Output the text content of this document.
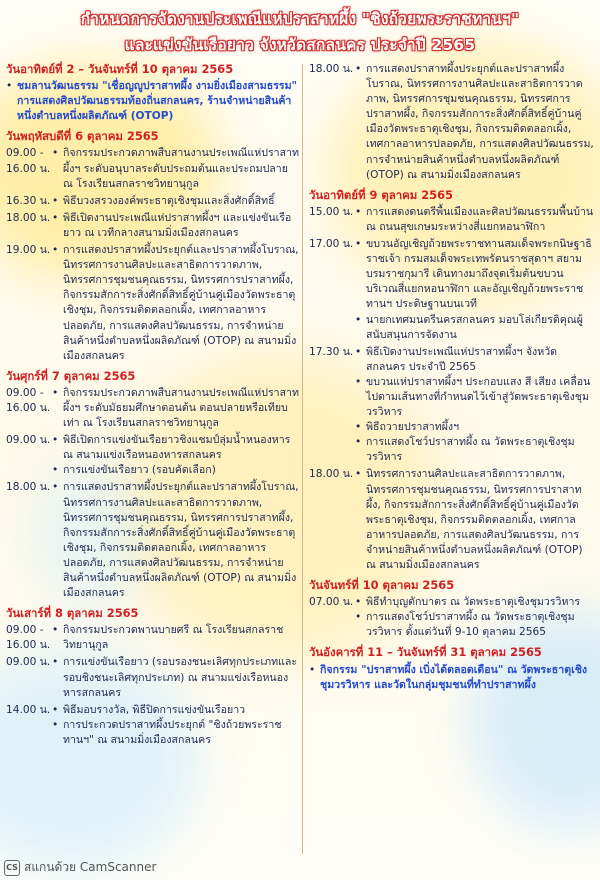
กำหนดการจัดงานประเพณีแห่ปราสาทผึ้ง "ชิงถ้วยพระราชทานฯ"
และแข่งขันเรือยาว จังหวัดสกลนคร ประจำปี 2565
วันอาทิตย์ที่ 2 – วันจันทร์ที่ 10 ตุลาคม 2565
• ชมลานวัฒนธรรม "เชื่อญญูปราสาทผึ้ง งามยิ่งเมืองสามธรรม" การแสดงศิลปวัฒนธรรมท้องถิ่นสกลนคร, ร้านจำหน่ายสินค้าหนึ่งตำบลหนึ่งผลิตภัณฑ์ (OTOP)
วันพฤหัสบดีที่ 6 ตุลาคม 2565
09.00 -
16.00 น.
• กิจกรรมประกวดภาพสืบสานงานประเพณีแห่ปราสาทผึ้งฯ ระดับอนุบาลระดับประถมต้นและประถมปลาย ณ โรงเรียนสกลราชวิทยานุกูล
16.30 น. • พิธีบวงสรวงองค์พระธาตุเชิงชุมและสิ่งศักดิ์สิทธิ์
18.00 น. • พิธีเปิดงานประเพณีแห่ปราสาทผึ้งฯ และแข่งขันเรือยาว ณ เวทีกลางสนามมิ่งเมืองสกลนคร
19.00 น. • การแสดงปราสาทผึ้งประยุกต์และปราสาทผึ้งโบราณ, นิทรรศการงานศิลปะและสาธิตการวาดภาพ, นิทรรศการชุมชนคุณธรรม, นิทรรศการปราสาทผึ้ง, กิจกรรมสักการะสิ่งศักดิ์สิทธิ์คู่บ้านคู่เมืองวัดพระธาตุเชิงชุม, กิจกรรมติดตลอกเผิ้ง, เทศกาลอาหารปลอดภัย, การแสดงศิลปวัฒนธรรม, การจำหน่ายสินค้าหนึ่งตำบลหนึ่งผลิตภัณฑ์ (OTOP) ณ สนามมิ่งเมืองสกลนคร
วันศุกร์ที่ 7 ตุลาคม 2565
09.00 -
16.00 น.
• กิจกรรมประกวดภาพสืบสานงานประเพณีแห่ปราสาทผึ้งฯ ระดับมัธยมศึกษาตอนต้น ตอนปลายหรือเทียบเท่า ณ โรงเรียนสกลราชวิทยานุกูล
09.00 น. • พิธีเปิดการแข่งขันเรือยาวชิงแชมป์ลุ่มน้ำหนองหาร ณ สนามแข่งเรือหนองหารสกลนคร
• การแข่งขันเรือยาว (รอบคัดเลือก)
18.00 น. • การแสดงปราสาทผึ้งประยุกต์และปราสาทผึ้งโบราณ, นิทรรศการงานศิลปะและสาธิตการวาดภาพ, นิทรรศการชุมชนคุณธรรม, นิทรรศการปราสาทผึ้ง, กิจกรรมสักการะสิ่งศักดิ์สิทธิ์คู่บ้านคู่เมืองวัดพระธาตุเชิงชุม, กิจกรรมติดตลอกเผิ้ง, เทศกาลอาหารปลอดภัย, การแสดงศิลปวัฒนธรรม, การจำหน่ายสินค้าหนึ่งตำบลหนึ่งผลิตภัณฑ์ (OTOP) ณ สนามมิ่งเมืองสกลนคร
วันเสาร์ที่ 8 ตุลาคม 2565
09.00 -
16.00 น.
• กิจกรรมประกวดพานบายศรี ณ โรงเรียนสกลราชวิทยานุกูล
09.00 น. • การแข่งขันเรือยาว (รอบรองชนะเลิศทุกประเภทและรอบชิงชนะเลิศทุกประเภท) ณ สนามแข่งเรือหนองหารสกลนคร
14.00 น. • พิธีมอบรางวัล, พิธีปิดการแข่งขันเรือยาว
• การประกวดปราสาทผึ้งประยุกต์ "ชิงถ้วยพระราชทานฯ" ณ สนามมิ่งเมืองสกลนคร
18.00 น. • การแสดงปราสาทผึ้งประยุกต์และปราสาทผึ้งโบราณ, นิทรรศการงานศิลปะและสาธิตการวาดภาพ, นิทรรศการชุมชนคุณธรรม, นิทรรศการปราสาทผึ้ง, กิจกรรมสักการะสิ่งศักดิ์สิทธิ์คู่บ้านคู่เมืองวัดพระธาตุเชิงชุม, กิจกรรมติดตลอกเผิ้ง, เทศกาลอาหารปลอดภัย, การแสดงศิลปวัฒนธรรม, การจำหน่ายสินค้าหนึ่งตำบลหนึ่งผลิตภัณฑ์ (OTOP) ณ สนามมิ่งเมืองสกลนคร
วันอาทิตย์ที่ 9 ตุลาคม 2565
15.00 น. • การแสดงดนตรีพื้นเมืองและศิลปวัฒนธรรมพื้นบ้าน ณ ถนนสุขเกษมระหว่างสี่แยกหอนาฬิกา
17.00 น. • ขบวนอัญเชิญถ้วยพระราชทานสมเด็จพระกนิษฐาธิราชเจ้า กรมสมเด็จพระเทพรัตนราชสุดาฯ สยามบรมราชกุมารี เดินทางมาถึงจุดเริ่มต้นขบวนบริเวณสี่แยกหอนาฬิกา และอัญเชิญถ้วยพระราชทานฯ ประดิษฐานบนเวที
• นายกเทศมนตรีนครสกลนคร มอบโล่เกียรติคุณผู้สนับสนุนการจัดงาน
17.30 น. • พิธีเปิดงานประเพณีแห่ปราสาทผึ้งฯ จังหวัดสกลนคร ประจำปี 2565
• ขบวนแห่ปราสาทผึ้งฯ ประกอบแสง สี เสียง เคลื่อนไปตามเส้นทางที่กำหนดไว้เข้าสู่วัดพระธาตุเชิงชุมวรวิหาร
• พิธีถวายปราสาทผึ้งฯ
• การแสดงโชว์ปราสาทผึ้ง ณ วัดพระธาตุเชิงชุมวรวิหาร
18.00 น. • นิทรรศการงานศิลปะและสาธิตการวาดภาพ, นิทรรศการชุมชนคุณธรรม, นิทรรศการปราสาทผึ้ง, กิจกรรมสักการะสิ่งศักดิ์สิทธิ์คู่บ้านคู่เมืองวัดพระธาตุเชิงชุม, กิจกรรมติดตลอกเผิ้ง, เทศกาลอาหารปลอดภัย, การแสดงศิลปวัฒนธรรม, การจำหน่ายสินค้าหนึ่งตำบลหนึ่งผลิตภัณฑ์ (OTOP) ณ สนามมิ่งเมืองสกลนคร
วันจันทร์ที่ 10 ตุลาคม 2565
07.00 น. • พิธีทำบุญตักบาตร ณ วัดพระธาตุเชิงชุมวรวิหาร
• การแสดงโชว์ปราสาทผึ้ง ณ วัดพระธาตุเชิงชุมวรวิหาร ตั้งแต่วันที่ 9-10 ตุลาคม 2565
วันอังคารที่ 11 – วันจันทร์ที่ 31 ตุลาคม 2565
• กิจกรรม "ปราสาทผึ้ง เบิ่งได้ตลอดเดือน" ณ วัดพระธาตุเชิงชุมวรวิหาร และวัดในกลุ่มชุมชนที่ทำปราสาทผึ้ง
CS สแกนด้วย CamScanner
